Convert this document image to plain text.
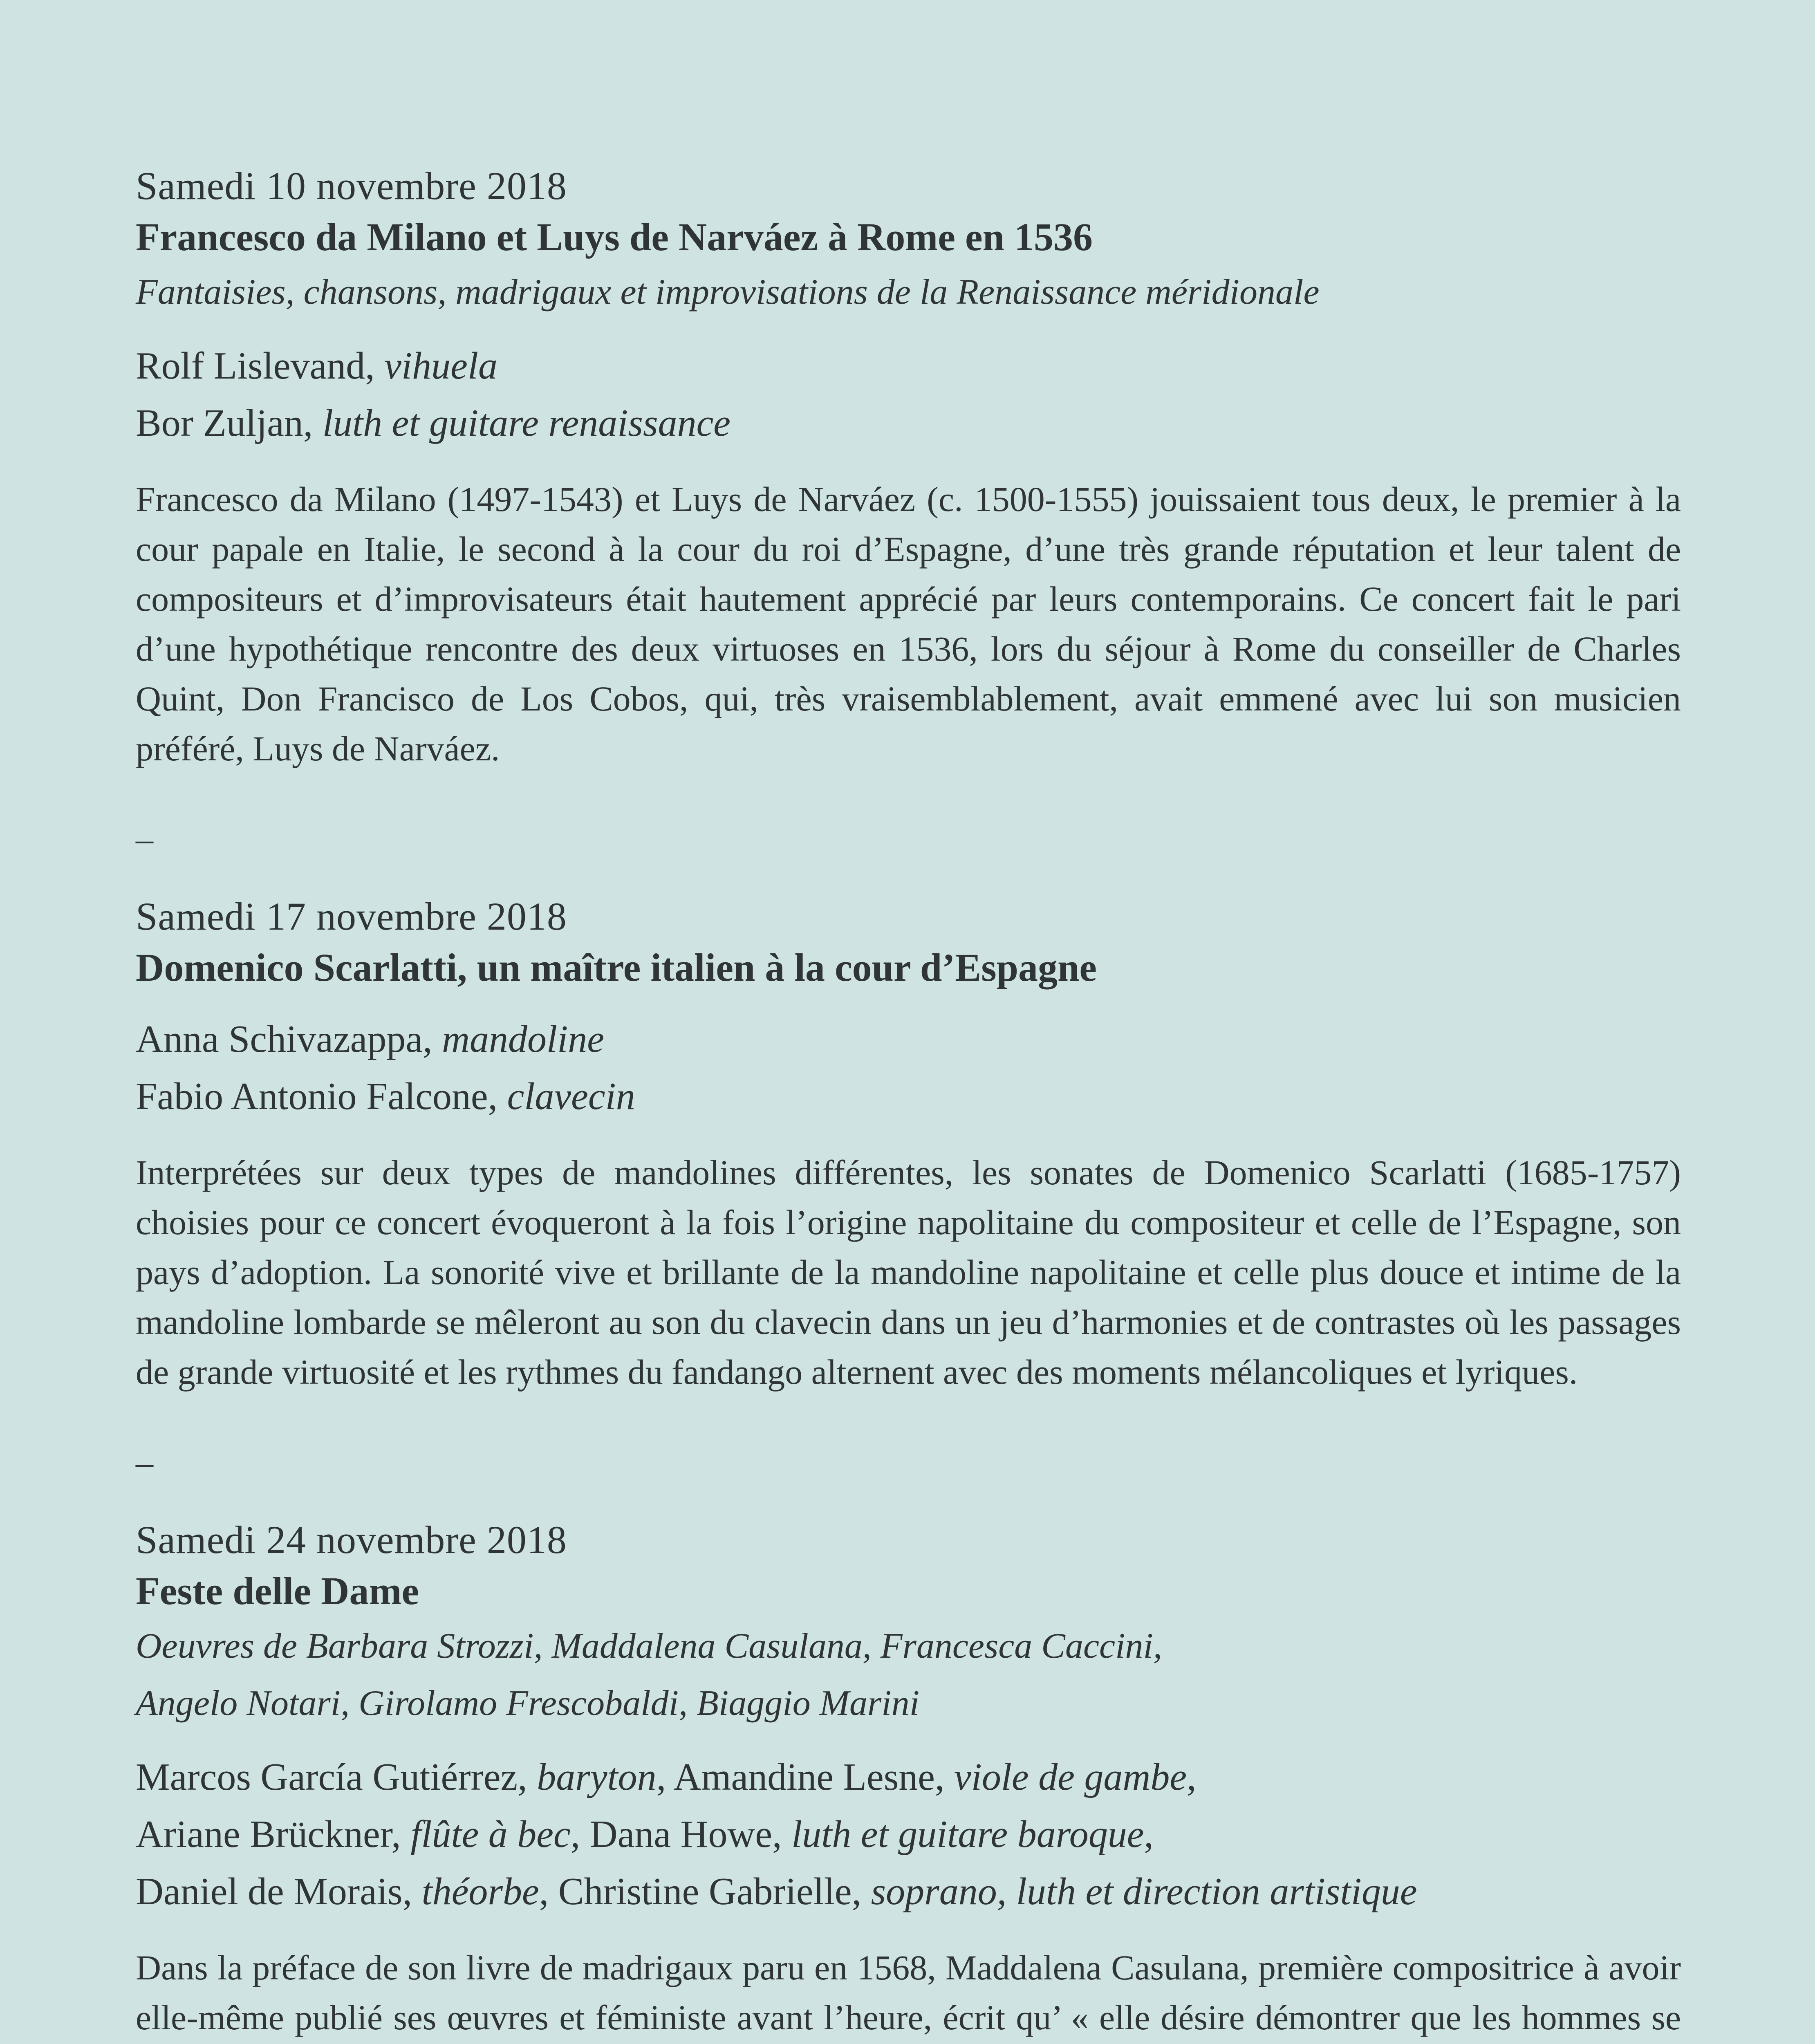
Samedi 10 novembre 2018

Francesco da Milano et Luys de Narváez à Rome en 1536

Fantaisies, chansons, madrigaux et improvisations de la Renaissance méridionale

Rolf Lislevand, vihuela

Bor Zuljan, luth et guitare renaissance

Francesco da Milano (1497-1543) et Luys de Narváez (c. 1500-1555) jouissaient tous deux, le premier à la cour papale en Italie, le second à la cour du roi d’Espagne, d’une très grande réputation et leur talent de compositeurs et d’improvisateurs était hautement apprécié par leurs contemporains. Ce concert fait le pari d’une hypothétique rencontre des deux virtuoses en 1536, lors du séjour à Rome du conseiller de Charles Quint, Don Francisco de Los Cobos, qui, très vraisemblablement, avait emmené avec lui son musicien préféré, Luys de Narváez.

–

Samedi 17 novembre 2018

Domenico Scarlatti, un maître italien à la cour d’Espagne

Anna Schivazappa, mandoline

Fabio Antonio Falcone, clavecin

Interprétées sur deux types de mandolines différentes, les sonates de Domenico Scarlatti (1685-1757) choisies pour ce concert évoqueront à la fois l’origine napolitaine du compositeur et celle de l’Espagne, son pays d’adoption. La sonorité vive et brillante de la mandoline napolitaine et celle plus douce et intime de la mandoline lombarde se mêleront au son du clavecin dans un jeu d’harmonies et de contrastes où les passages de grande virtuosité et les rythmes du fandango alternent avec des moments mélancoliques et lyriques.

–

Samedi 24 novembre 2018

Feste delle Dame

Oeuvres de Barbara Strozzi, Maddalena Casulana, Francesca Caccini,

Angelo Notari, Girolamo Frescobaldi, Biaggio Marini

Marcos García Gutiérrez, baryton, Amandine Lesne, viole de gambe,

Ariane Brückner, flûte à bec, Dana Howe, luth et guitare baroque,

Daniel de Morais, théorbe, Christine Gabrielle, soprano, luth et direction artistique

Dans la préface de son livre de madrigaux paru en 1568, Maddalena Casulana, première compositrice à avoir elle-même publié ses œuvres et féministe avant l’heure, écrit qu’ « elle désire démontrer que les hommes se
